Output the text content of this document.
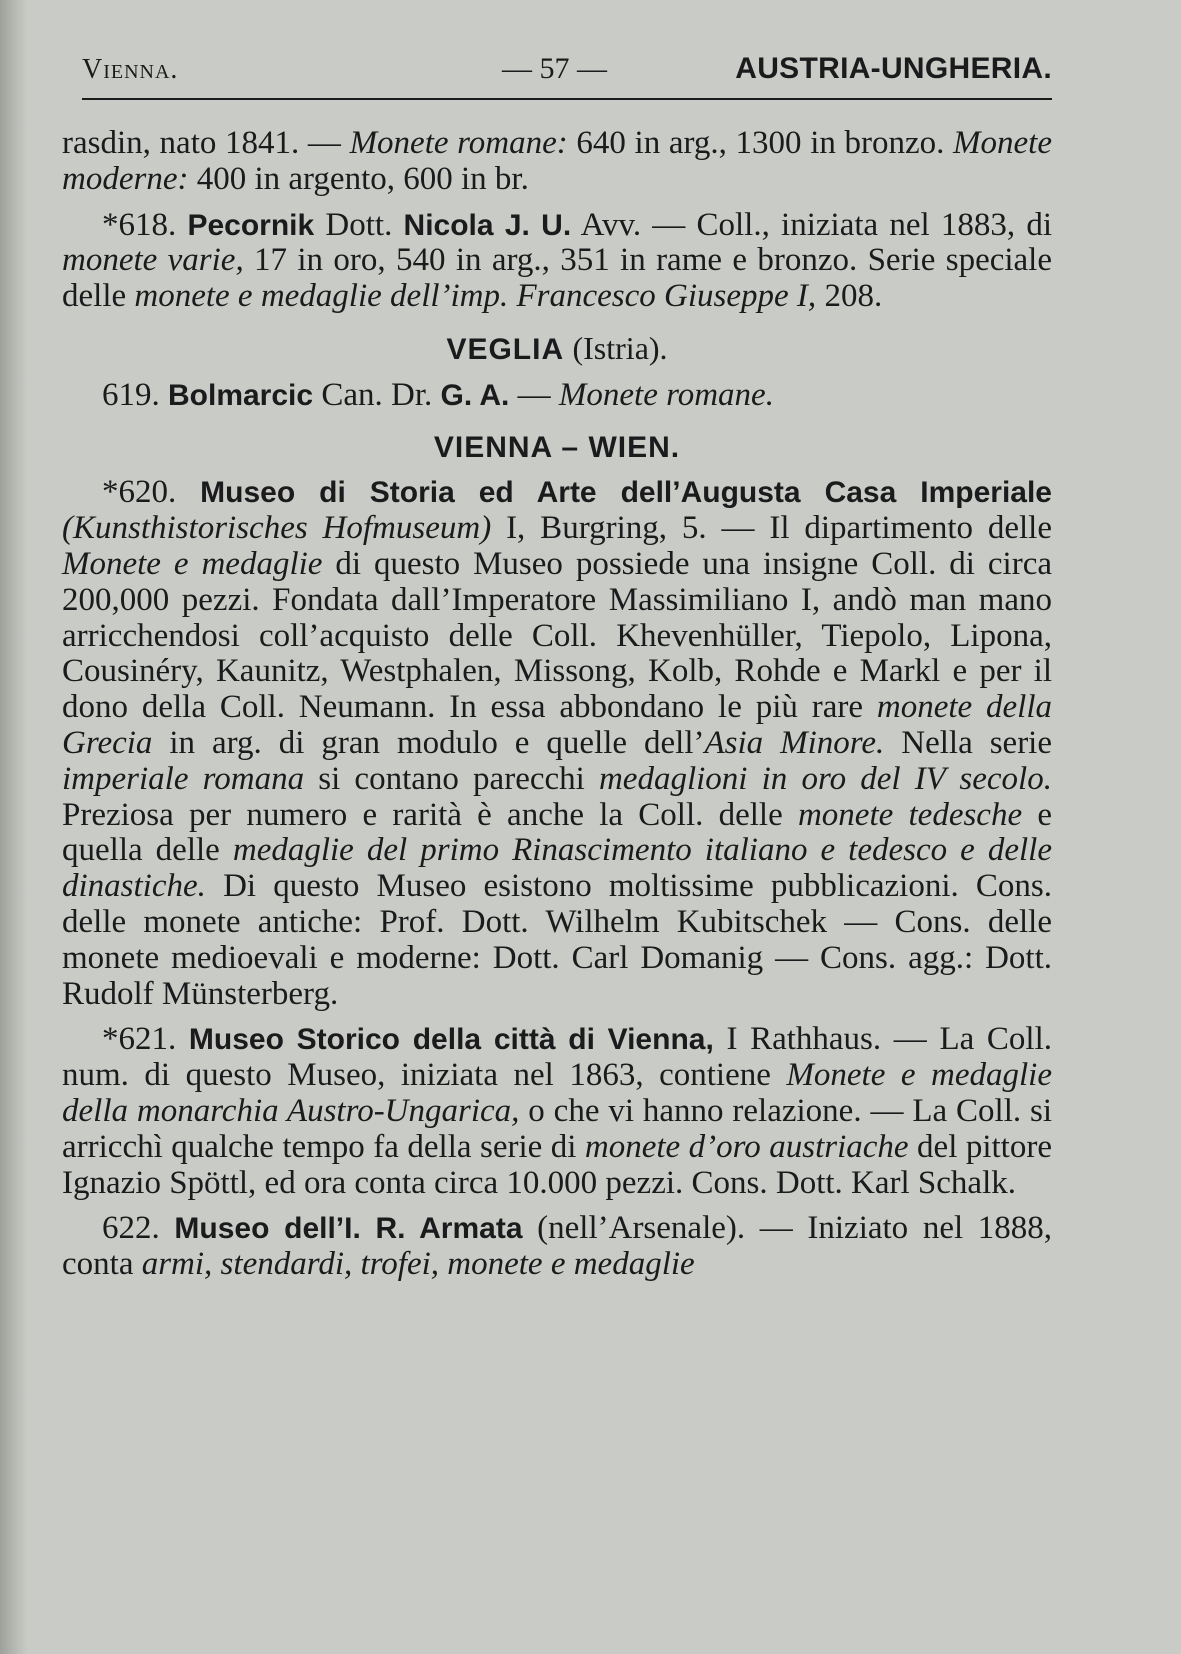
Vienna.	— 57 —	AUSTRIA-UNGHERIA.

rasdin, nato 1841. — Monete romane: 640 in arg., 1300 in bronzo. Monete moderne: 400 in argento, 600 in br.

*618. Pecornik Dott. Nicola J. U. Avv. — Coll., iniziata nel 1883, di monete varie, 17 in oro, 540 in arg., 351 in rame e bronzo. Serie speciale delle monete e medaglie dell’imp. Francesco Giuseppe I, 208.

VEGLIA (Istria).

619. Bolmarcic Can. Dr. G. A. — Monete romane.

VIENNA – WIEN.

*620. Museo di Storia ed Arte dell’Augusta Casa Imperiale (Kunsthistorisches Hofmuseum) I, Burgring, 5. — Il dipartimento delle Monete e medaglie di questo Museo possiede una insigne Coll. di circa 200,000 pezzi. Fondata dall’Imperatore Massimiliano I, andò man mano arricchendosi coll’acquisto delle Coll. Khevenhüller, Tiepolo, Lipona, Cousinéry, Kaunitz, Westphalen, Missong, Kolb, Rohde e Markl e per il dono della Coll. Neumann. In essa abbondano le più rare monete della Grecia in arg. di gran modulo e quelle dell’Asia Minore. Nella serie imperiale romana si contano parecchi medaglioni in oro del IV secolo. Preziosa per numero e rarità è anche la Coll. delle monete tedesche e quella delle medaglie del primo Rinascimento italiano e tedesco e delle dinastiche. Di questo Museo esistono moltissime pubblicazioni. Cons. delle monete antiche: Prof. Dott. Wilhelm Kubitschek — Cons. delle monete medioevali e moderne: Dott. Carl Domanig — Cons. agg.: Dott. Rudolf Münsterberg.

*621. Museo Storico della città di Vienna, I Rathhaus. — La Coll. num. di questo Museo, iniziata nel 1863, contiene Monete e medaglie della monarchia Austro-Ungarica, o che vi hanno relazione. — La Coll. si arricchì qualche tempo fa della serie di monete d’oro austriache del pittore Ignazio Spöttl, ed ora conta circa 10.000 pezzi. Cons. Dott. Karl Schalk.

622. Museo dell’I. R. Armata (nell’Arsenale). — Iniziato nel 1888, conta armi, stendardi, trofei, monete e medaglie
